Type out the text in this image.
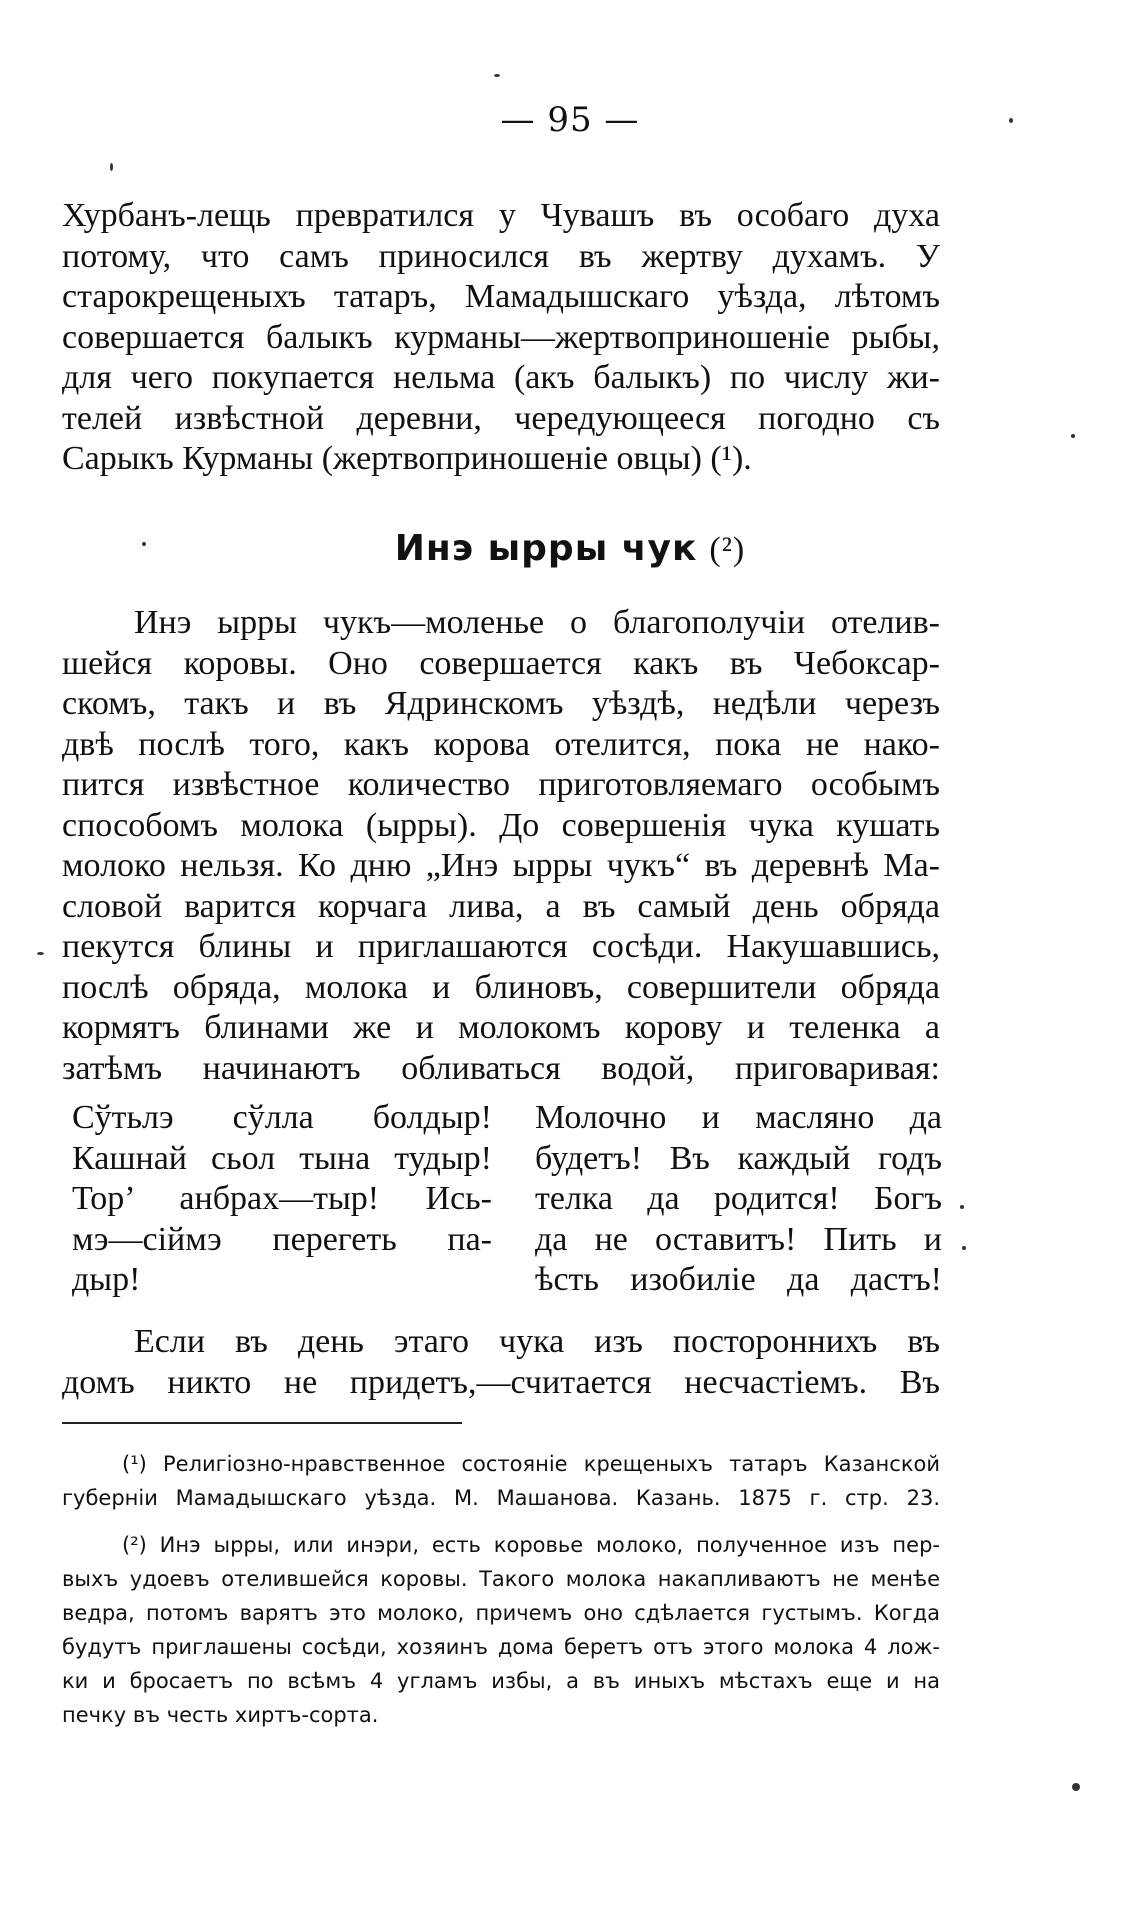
— 95 —
Хурбанъ-лещь превратился у Чувашъ въ особаго духа
потому, что самъ приносился въ жертву духамъ. У
старокрещеныхъ татаръ, Мамадышскаго уѣзда, лѣтомъ
совершается балыкъ курманы—жертвоприношеніе рыбы,
для чего покупается нельма (акъ балыкъ) по числу жи-
телей извѣстной деревни, чередующееся погодно съ
Сарыкъ Курманы (жертвоприношеніе овцы) (¹).
Инэ ырры чук (²)
Инэ ырры чукъ—моленье о благополучіи отелив-
шейся коровы. Оно совершается какъ въ Чебоксар-
скомъ, такъ и въ Ядринскомъ уѣздѣ, недѣли черезъ
двѣ послѣ того, какъ корова отелится, пока не нако-
пится извѣстное количество приготовляемаго особымъ
способомъ молока (ырры). До совершенія чука кушать
молоко нельзя. Ко дню „Инэ ырры чукъ“ въ деревнѣ Ма-
словой варится корчага лива, а въ самый день обряда
пекутся блины и приглашаются сосѣди. Накушавшись,
послѣ обряда, молока и блиновъ, совершители обряда
кормятъ блинами же и молокомъ корову и теленка а
затѣмъ начинаютъ обливаться водой, приговаривая:
Сўтьлэ сўлла болдыр!
Кашнай сьол тына тудыр!
Тор’ анбрах—тыр! Ись-
мэ—сіймэ перегеть па-
дыр!
Молочно и масляно да
будетъ! Въ каждый годъ
телка да родится! Богъ
да не оставитъ! Пить и
ѣсть изобиліе да дастъ!
Если въ день этаго чука изъ постороннихъ въ
домъ никто не придетъ,—считается несчастіемъ. Въ
(¹) Религіозно-нравственное состояніе крещеныхъ татаръ Казанской
губерніи Мамадышскаго уѣзда. М. Машанова. Казань. 1875 г. стр. 23.
(²) Инэ ырры, или инэри, есть коровье молоко, полученное изъ пер-
выхъ удоевъ отелившейся коровы. Такого молока накапливаютъ не менѣе
ведра, потомъ варятъ это молоко, причемъ оно сдѣлается густымъ. Когда
будутъ приглашены сосѣди, хозяинъ дома беретъ отъ этого молока 4 лож-
ки и бросаетъ по всѣмъ 4 угламъ избы, а въ иныхъ мѣстахъ еще и на
печку въ честь хиртъ-сорта.
